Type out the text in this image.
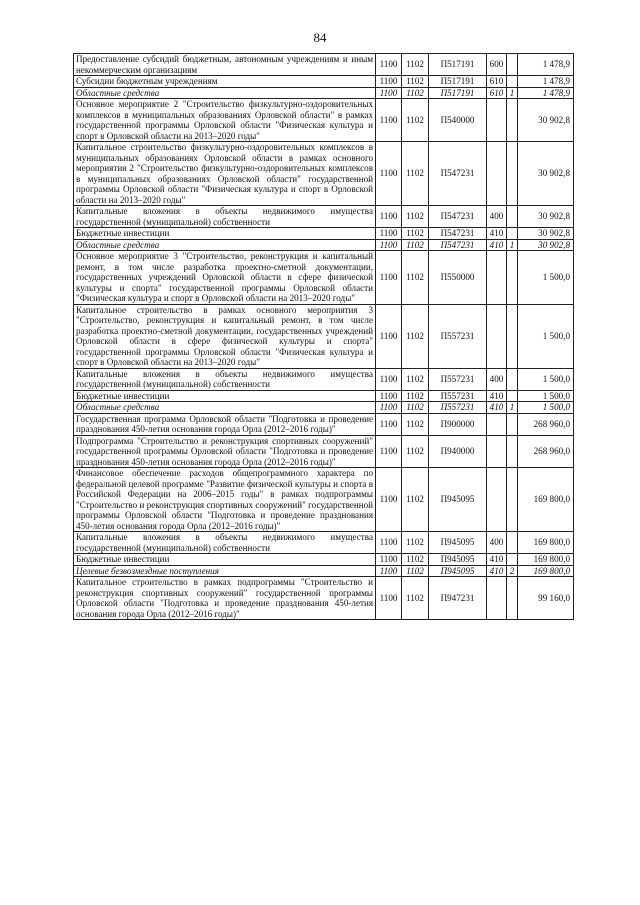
84
Предоставление субсидий бюджетным, автономным учреждениям и иным некоммерческим организациям	1100	1102	П517191	600		1 478,9
Субсидии бюджетным учреждениям	1100	1102	П517191	610		1 478,9
Областные средства	1100	1102	П517191	610	1	1 478,9
Основное мероприятие 2 "Строительство физкультурно-оздоровительных комплексов в муниципальных образованиях Орловской области" в рамках государственной программы Орловской области "Физическая культура и спорт в Орловской области на 2013–2020 годы"	1100	1102	П540000			30 902,8
Капитальное строительство физкультурно-оздоровительных комплексов в муниципальных образованиях Орловской области в рамках основного мероприятия 2 "Строительство физкультурно-оздоровительных комплексов в муниципальных образованиях Орловской области" государственной программы Орловской области "Физическая культура и спорт в Орловской области на 2013–2020 годы"	1100	1102	П547231			30 902,8
Капитальные вложения в объекты недвижимого имущества государственной (муниципальной) собственности	1100	1102	П547231	400		30 902,8
Бюджетные инвестиции	1100	1102	П547231	410		30 902,8
Областные средства	1100	1102	П547231	410	1	30 902,8
Основное мероприятие 3 "Строительство, реконструкция и капитальный ремонт, в том числе разработка проектно-сметной документации, государственных учреждений Орловской области в сфере физической культуры и спорта" государственной программы Орловской области "Физическая культура и спорт в Орловской области на 2013–2020 годы"	1100	1102	П550000			1 500,0
Капитальное строительство в рамках основного мероприятия 3 "Строительство, реконструкция и капитальный ремонт, в том числе разработка проектно-сметной документации, государственных учреждений Орловской области в сфере физической культуры и спорта" государственной программы Орловской области "Физическая культура и спорт в Орловской области на 2013–2020 годы"	1100	1102	П557231			1 500,0
Капитальные вложения в объекты недвижимого имущества государственной (муниципальной) собственности	1100	1102	П557231	400		1 500,0
Бюджетные инвестиции	1100	1102	П557231	410		1 500,0
Областные средства	1100	1102	П557231	410	1	1 500,0
Государственная программа Орловской области "Подготовка и проведение празднования 450-летия основания города Орла (2012–2016 годы)"	1100	1102	П900000			268 960,0
Подпрограмма "Строительство и реконструкция спортивных сооружений" государственной программы Орловской области "Подготовка и проведение празднования 450-летия основания города Орла (2012–2016 годы)"	1100	1102	П940000			268 960,0
Финансовое обеспечение расходов общепрограммного характера по федеральной целевой программе "Развитие физической культуры и спорта в Российской Федерации на 2006–2015 годы" в рамках подпрограммы "Строительство и реконструкция спортивных сооружений" государственной программы Орловской области "Подготовка и проведение празднования 450-летия основания города Орла (2012–2016 годы)"	1100	1102	П945095			169 800,0
Капитальные вложения в объекты недвижимого имущества государственной (муниципальной) собственности	1100	1102	П945095	400		169 800,0
Бюджетные инвестиции	1100	1102	П945095	410		169 800,0
Целевые безвозмездные поступления	1100	1102	П945095	410	2	169 800,0
Капитальное строительство в рамках подпрограммы "Строительство и реконструкция спортивных сооружений" государственной программы Орловской области "Подготовка и проведение празднования 450-летия основания города Орла (2012–2016 годы)"	1100	1102	П947231			99 160,0
